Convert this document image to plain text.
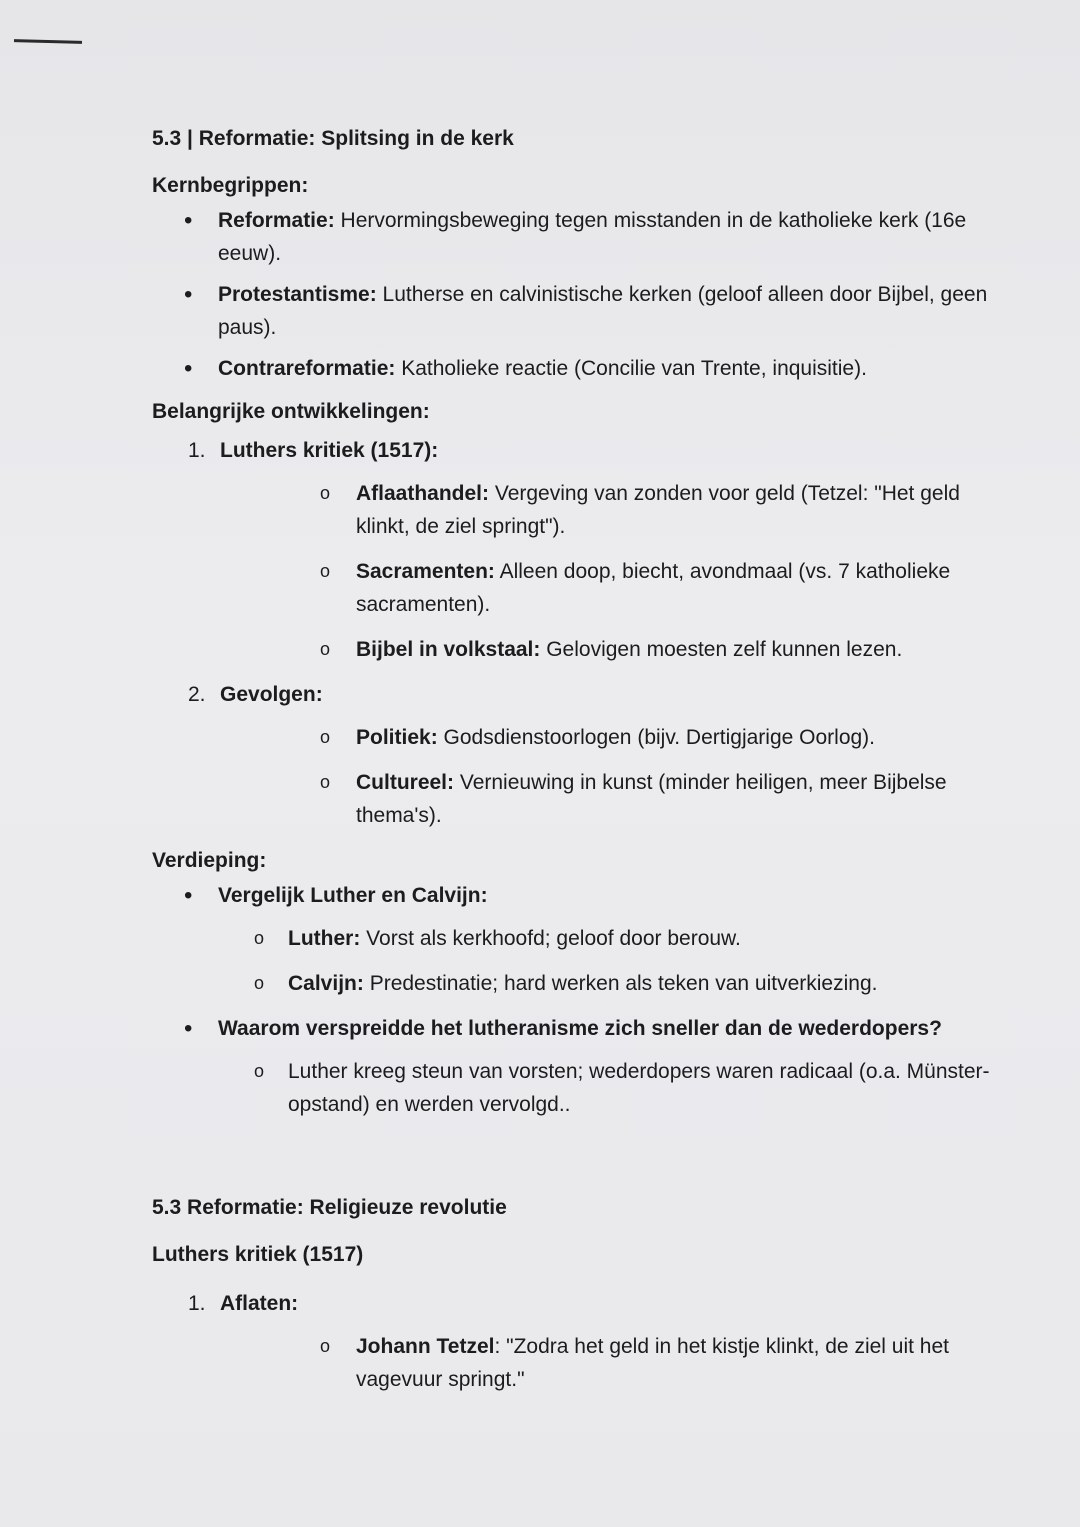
5.3 | Reformatie: Splitsing in de kerk

Kernbegrippen:

• Reformatie: Hervormingsbeweging tegen misstanden in de katholieke kerk (16e eeuw).
• Protestantisme: Lutherse en calvinistische kerken (geloof alleen door Bijbel, geen paus).
• Contrareformatie: Katholieke reactie (Concilie van Trente, inquisitie).

Belangrijke ontwikkelingen:

1. Luthers kritiek (1517):
o Aflaathandel: Vergeving van zonden voor geld (Tetzel: "Het geld klinkt, de ziel springt").
o Sacramenten: Alleen doop, biecht, avondmaal (vs. 7 katholieke sacramenten).
o Bijbel in volkstaal: Gelovigen moesten zelf kunnen lezen.
2. Gevolgen:
o Politiek: Godsdienstoorlogen (bijv. Dertigjarige Oorlog).
o Cultureel: Vernieuwing in kunst (minder heiligen, meer Bijbelse thema's).

Verdieping:

• Vergelijk Luther en Calvijn:
o Luther: Vorst als kerkhoofd; geloof door berouw.
o Calvijn: Predestinatie; hard werken als teken van uitverkiezing.
• Waarom verspreidde het lutheranisme zich sneller dan de wederdopers?
o Luther kreeg steun van vorsten; wederdopers waren radicaal (o.a. Münster-opstand) en werden vervolgd..

5.3 Reformatie: Religieuze revolutie

Luthers kritiek (1517)

1. Aflaten:
o Johann Tetzel: "Zodra het geld in het kistje klinkt, de ziel uit het vagevuur springt."
